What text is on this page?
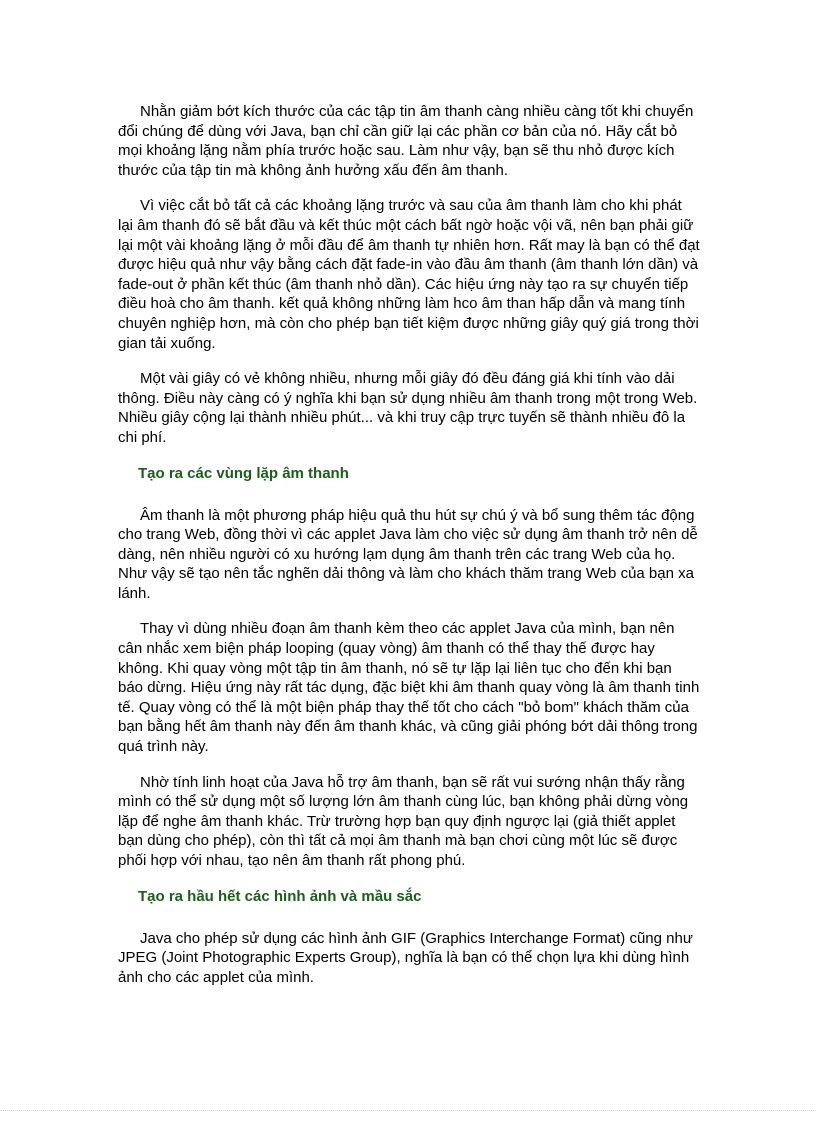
Nhằn giảm bớt kích thước của các tập tin âm thanh càng nhiều càng tốt khi chuyển đổi chúng để dùng với Java, bạn chỉ cần giữ lại các phần cơ bản của nó. Hãy cắt bỏ mọi khoảng lặng nằm phía trước hoặc sau. Làm như vậy, bạn sẽ thu nhỏ được kích thước của tập tin mà không ảnh hưởng xấu đến âm thanh.

Vì việc cắt bỏ tất cả các khoảng lặng trước và sau của âm thanh làm cho khi phát lại âm thanh đó sẽ bắt đầu và kết thúc một cách bất ngờ hoặc vội vã, nên bạn phải giữ lại một vài khoảng lặng ở mỗi đầu để âm thanh tự nhiên hơn. Rất may là bạn có thể đạt được hiệu quả như vậy bằng cách đặt fade-in vào đầu âm thanh (âm thanh lớn dần) và fade-out ở phần kết thúc (âm thanh nhỏ dần). Các hiệu ứng này tạo ra sự chuyển tiếp điều hoà cho âm thanh. kết quả không những làm hco âm than hấp dẫn và mang tính chuyên nghiệp hơn, mà còn cho phép bạn tiết kiệm được những giây quý giá trong thời gian tải xuống.

Một vài giây có vẻ không nhiều, nhưng mỗi giây đó đều đáng giá khi tính vào dải thông. Điều này càng có ý nghĩa khi bạn sử dụng nhiều âm thanh trong một trong Web. Nhiều giây cộng lại thành nhiều phút... và khi truy cập trực tuyến sẽ thành nhiều đô la chi phí.

Tạo ra các vùng lặp âm thanh

Âm thanh là một phương pháp hiệu quả thu hút sự chú ý và bổ sung thêm tác động cho trang Web, đồng thời vì các applet Java làm cho việc sử dụng âm thanh trở nên dễ dàng, nên nhiều người có xu hướng lạm dụng âm thanh trên các trang Web của họ. Như vậy sẽ tạo nên tắc nghẽn dải thông và làm cho khách thăm trang Web của bạn xa lánh.

Thay vì dùng nhiều đoạn âm thanh kèm theo các applet Java của mình, bạn nên cân nhắc xem biện pháp looping (quay vòng) âm thanh có thể thay thế được hay không. Khi quay vòng một tập tin âm thanh, nó sẽ tự lặp lại liên tục cho đến khi bạn báo dừng. Hiệu ứng này rất tác dụng, đặc biệt khi âm thanh quay vòng là âm thanh tinh tế. Quay vòng có thể là một biện pháp thay thế tốt cho cách "bỏ bom" khách thăm của bạn bằng hết âm thanh này đến âm thanh khác, và cũng giải phóng bớt dải thông trong quá trình này.

Nhờ tính linh hoạt của Java hỗ trợ âm thanh, bạn sẽ rất vui sướng nhận thấy rằng mình có thể sử dụng một số lượng lớn âm thanh cùng lúc, bạn không phải dừng vòng lặp để nghe âm thanh khác. Trừ trường hợp bạn quy định ngược lại (giả thiết applet bạn dùng cho phép), còn thì tất cả mọi âm thanh mà bạn chơi cùng một lúc sẽ được phối hợp với nhau, tạo nên âm thanh rất phong phú.

Tạo ra hầu hết các hình ảnh và mầu sắc

Java cho phép sử dụng các hình ảnh GIF (Graphics Interchange Format) cũng như JPEG (Joint Photographic Experts Group), nghĩa là bạn có thể chọn lựa khi dùng hình ảnh cho các applet của mình.
